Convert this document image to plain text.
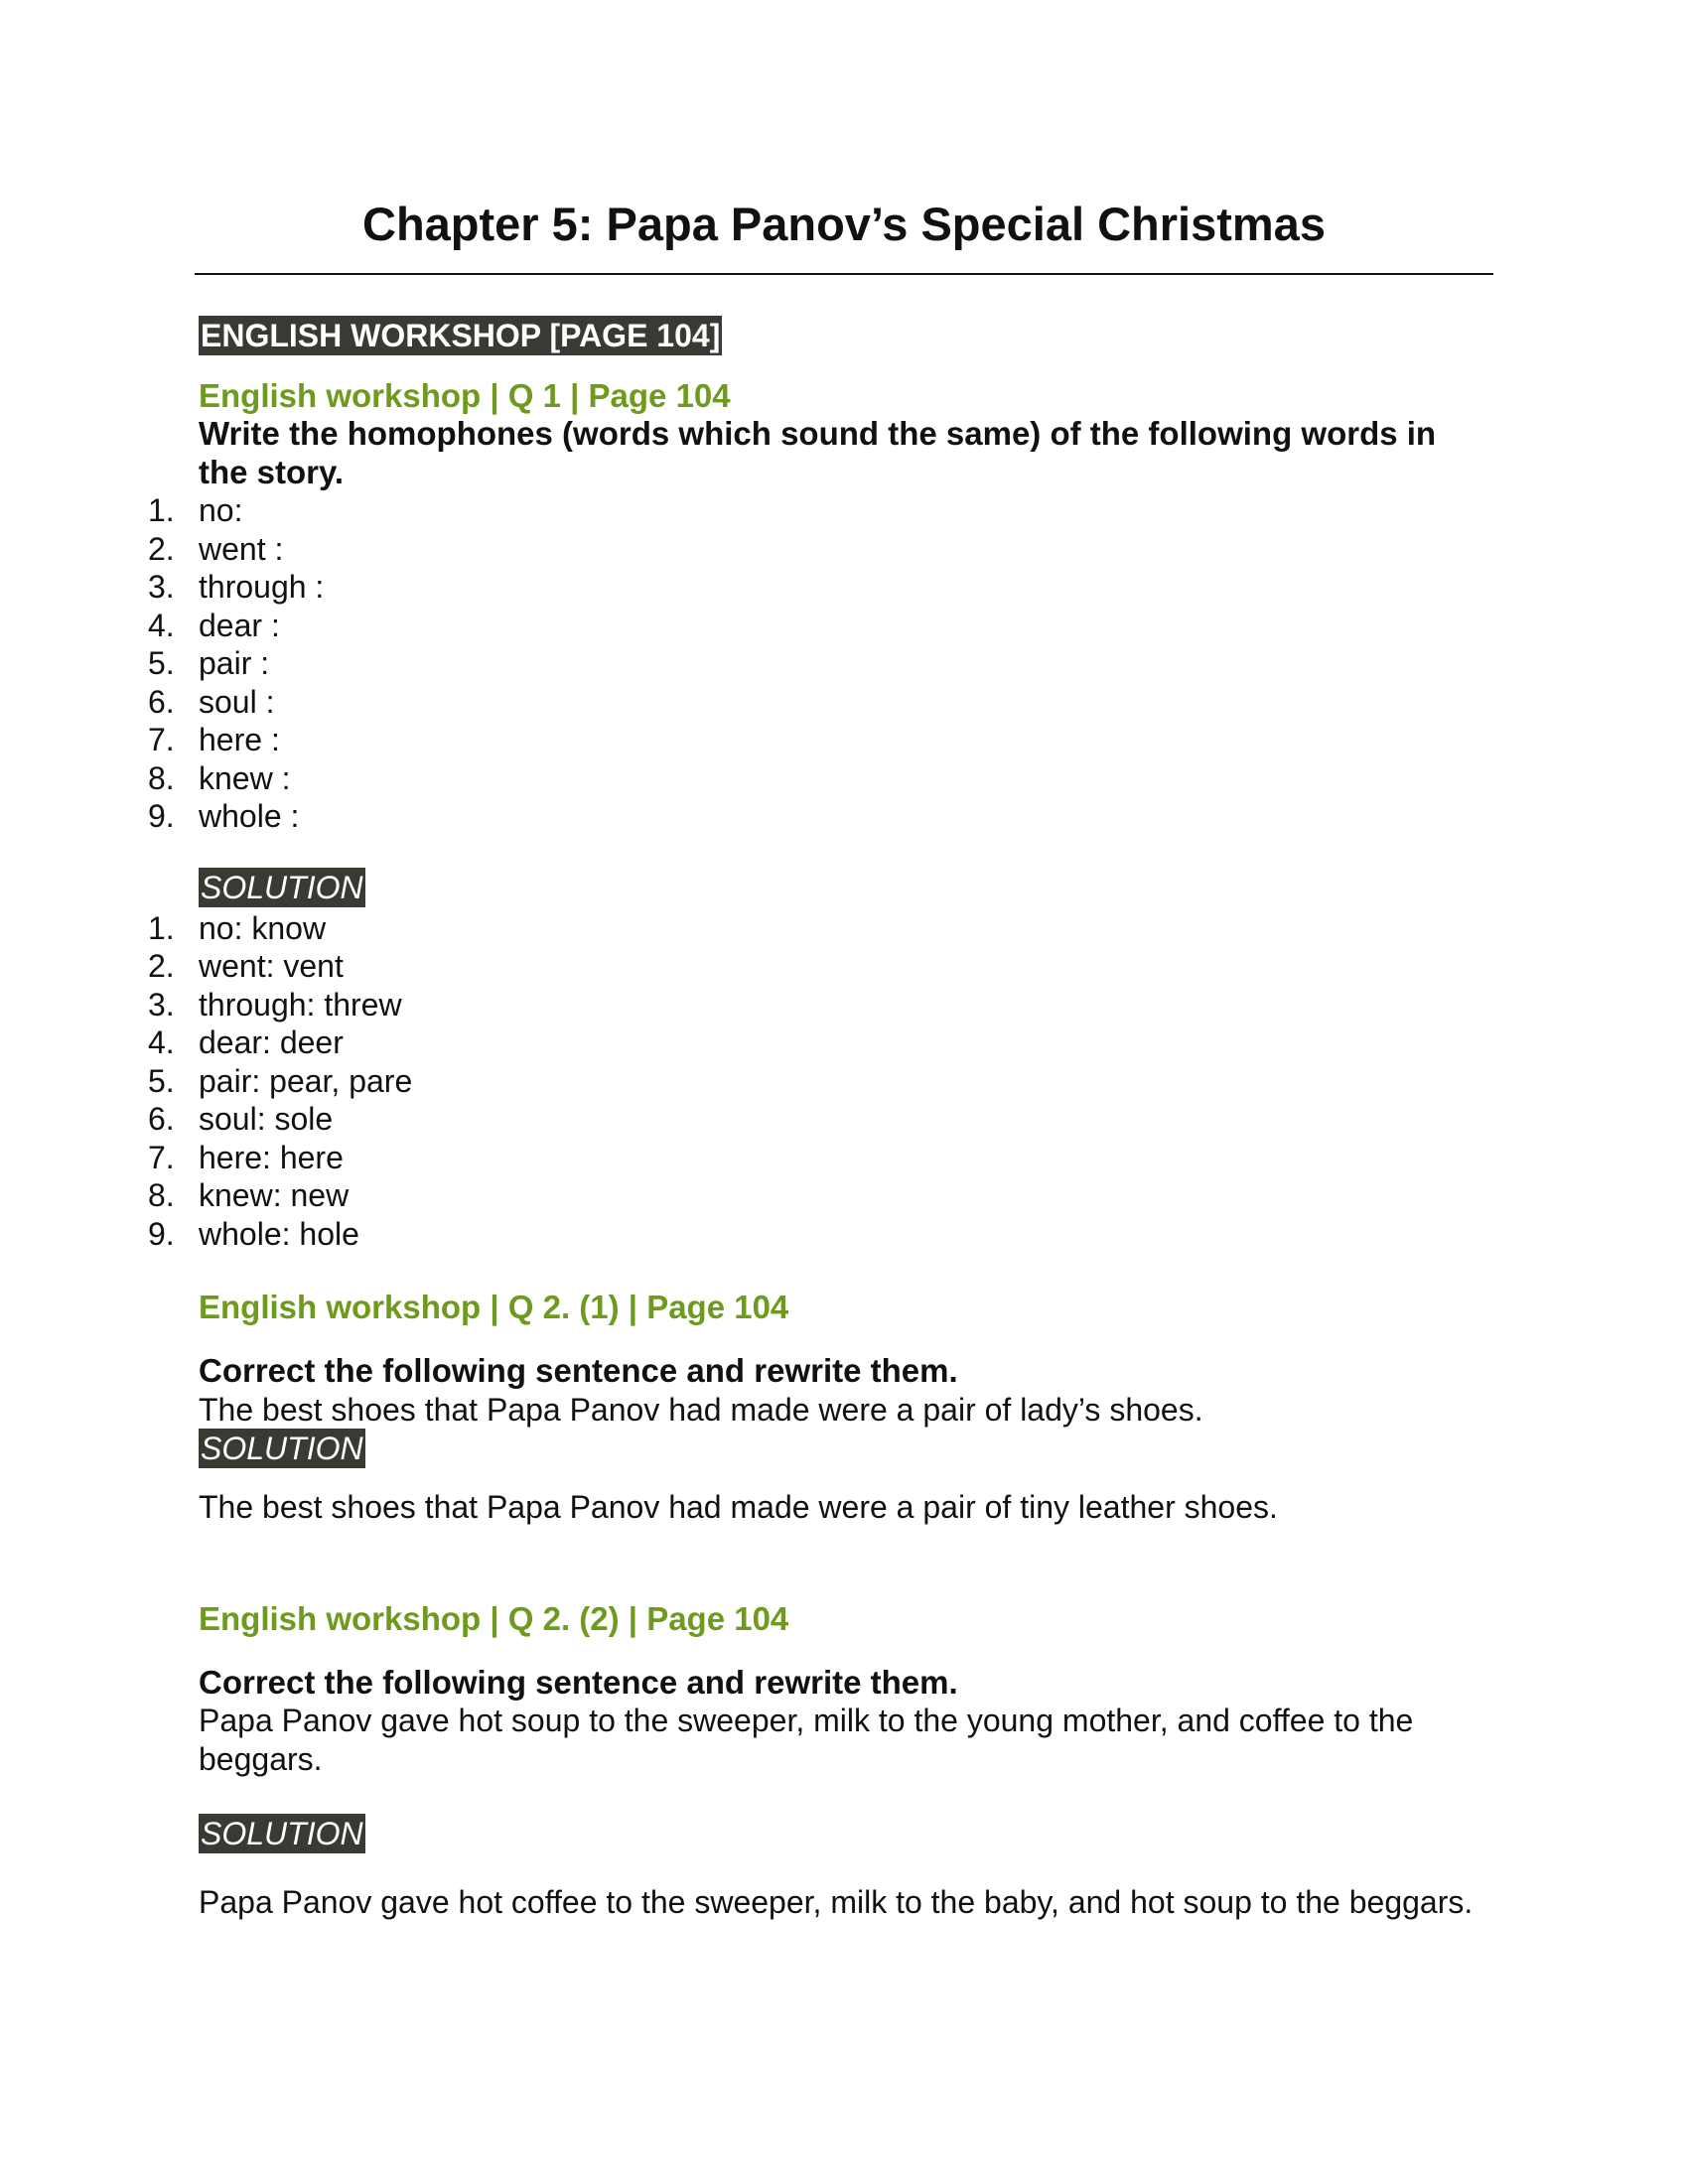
Chapter 5: Papa Panov’s Special Christmas
ENGLISH WORKSHOP [PAGE 104]

English workshop | Q 1 | Page 104

Write the homophones (words which sound the same) of the following words in the story.

1. no:
2. went :
3. through :
4. dear :
5. pair :
6. soul :
7. here :
8. knew :
9. whole :
SOLUTION
1. no: know
2. went: vent
3. through: threw
4. dear: deer
5. pair: pear, pare
6. soul: sole
7. here: here
8. knew: new
9. whole: hole

English workshop | Q 2. (1) | Page 104

Correct the following sentence and rewrite them.

The best shoes that Papa Panov had made were a pair of lady’s shoes.

SOLUTION

The best shoes that Papa Panov had made were a pair of tiny leather shoes.

English workshop | Q 2. (2) | Page 104

Correct the following sentence and rewrite them.

Papa Panov gave hot soup to the sweeper, milk to the young mother, and coffee to the beggars.

SOLUTION

Papa Panov gave hot coffee to the sweeper, milk to the baby, and hot soup to the beggars.
